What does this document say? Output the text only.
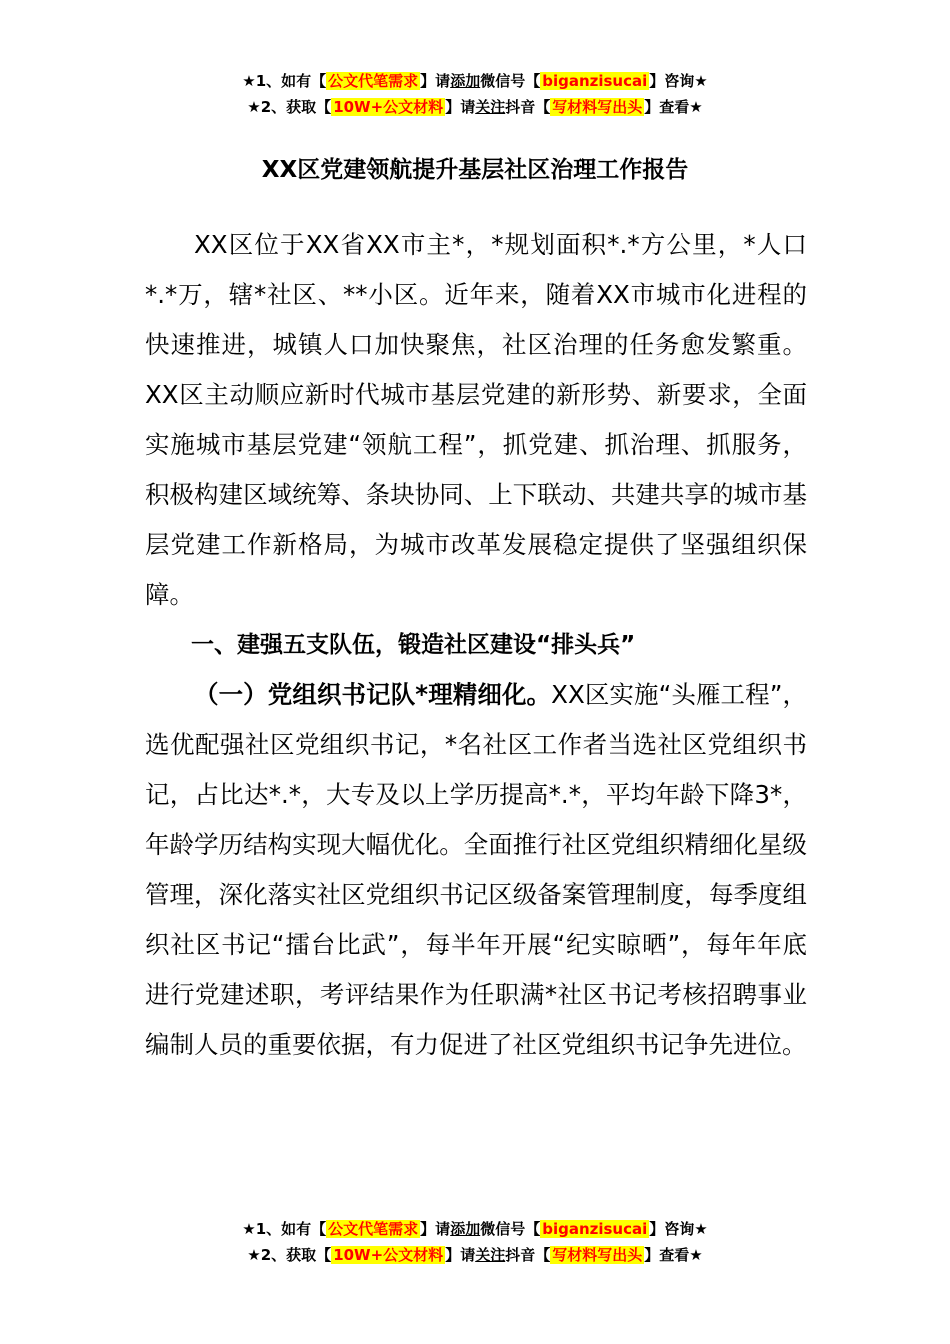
★1、如有【 公文代笔需求 】请添加微信号【 biganzisucai 】咨询★
★2、获取【 10W+公文材料 】请关注抖音【 写材料写出头 】查看★
XX区党建领航提升基层社区治理工作报告

XX区位于XX省XX市主*，*规划面积*.*方公里，*人口*.*万，辖*社区、**小区。近年来，随着XX市城市化进程的快速推进，城镇人口加快聚焦，社区治理的任务愈发繁重。XX区主动顺应新时代城市基层党建的新形势、新要求，全面实施城市基层党建“领航工程”，抓党建、抓治理、抓服务，积极构建区域统筹、条块协同、上下联动、共建共享的城市基层党建工作新格局，为城市改革发展稳定提供了坚强组织保障。

一、建强五支队伍，锻造社区建设“排头兵”

（一）党组织书记队*理精细化。XX区实施“头雁工程”，选优配强社区党组织书记，*名社区工作者当选社区党组织书记，占比达*.*，大专及以上学历提高*.*，平均年龄下降3*，年龄学历结构实现大幅优化。全面推行社区党组织精细化星级管理，深化落实社区党组织书记区级备案管理制度，每季度组织社区书记“擂台比武”，每半年开展“纪实晾晒”，每年年底进行党建述职，考评结果作为任职满*社区书记考核招聘事业编制人员的重要依据，有力促进了社区党组织书记争先进位。

★1、如有【 公文代笔需求 】请添加微信号【 biganzisucai 】咨询★
★2、获取【 10W+公文材料 】请关注抖音【 写材料写出头 】查看★
